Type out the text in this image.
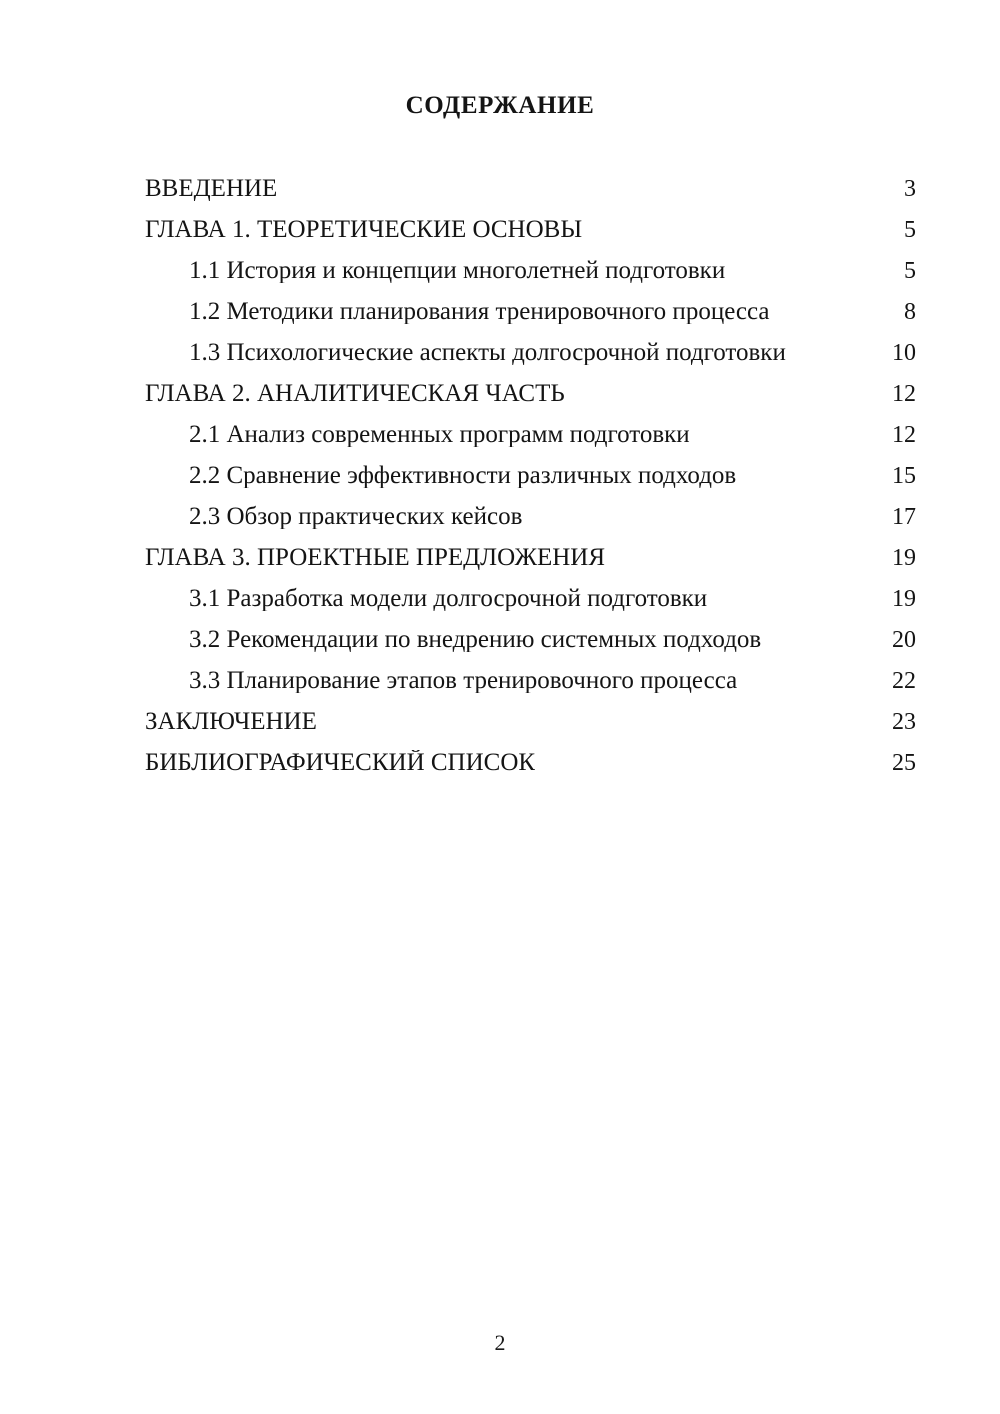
СОДЕРЖАНИЕ
ВВЕДЕНИЕ	3
ГЛАВА 1. ТЕОРЕТИЧЕСКИЕ ОСНОВЫ	5
1.1 История и концепции многолетней подготовки	5
1.2 Методики планирования тренировочного процесса	8
1.3 Психологические аспекты долгосрочной подготовки	10
ГЛАВА 2. АНАЛИТИЧЕСКАЯ ЧАСТЬ	12
2.1 Анализ современных программ подготовки	12
2.2 Сравнение эффективности различных подходов	15
2.3 Обзор практических кейсов	17
ГЛАВА 3. ПРОЕКТНЫЕ ПРЕДЛОЖЕНИЯ	19
3.1 Разработка модели долгосрочной подготовки	19
3.2 Рекомендации по внедрению системных подходов	20
3.3 Планирование этапов тренировочного процесса	22
ЗАКЛЮЧЕНИЕ	23
БИБЛИОГРАФИЧЕСКИЙ СПИСОК	25
2
